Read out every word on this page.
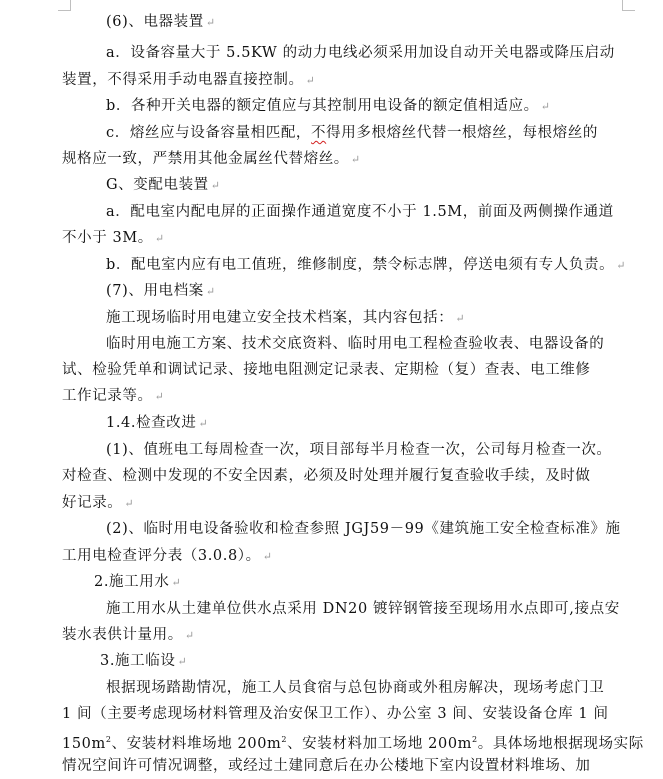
(6)、电器装置 ↵
a．设备容量大于 5.5KW 的动力电线必须采用加设自动开关电器或降压启动
装置，不得采用手动电器直接控制。 ↵
b．各种开关电器的额定值应与其控制用电设备的额定值相适应。 ↵
c．熔丝应与设备容量相匹配，不得用多根熔丝代替一根熔丝，每根熔丝的
规格应一致，严禁用其他金属丝代替熔丝。 ↵
G、变配电装置 ↵
a．配电室内配电屏的正面操作通道宽度不小于 1.5M，前面及两侧操作通道
不小于 3M。 ↵
b．配电室内应有电工值班，维修制度，禁令标志牌，停送电须有专人负责。 ↵
(7)、用电档案 ↵
施工现场临时用电建立安全技术档案，其内容包括： ↵
临时用电施工方案、技术交底资料、临时用电工程检查验收表、电器设备的
试、检验凭单和调试记录、接地电阻测定记录表、定期检（复）查表、电工维修
工作记录等。 ↵
1.4.检查改进 ↵
(1)、值班电工每周检查一次，项目部每半月检查一次，公司每月检查一次。
对检查、检测中发现的不安全因素，必须及时处理并履行复查验收手续，及时做
好记录。 ↵
(2)、临时用电设备验收和检查参照 JGJ59－99《建筑施工安全检查标准》施
工用电检查评分表（3.0.8）。 ↵
2.施工用水 ↵
施工用水从土建单位供水点采用 DN20 镀锌钢管接至现场用水点即可,接点安
装水表供计量用。 ↵
3.施工临设 ↵
根据现场踏勘情况，施工人员食宿与总包协商或外租房解决，现场考虑门卫
1 间（主要考虑现场材料管理及治安保卫工作）、办公室 3 间、安装设备仓库 1 间
$150m^2$、安装材料堆场地 $200m^2$、安装材料加工场地 $200m^2$。具体场地根据现场实际
情况空间许可情况调整，或经过土建同意后在办公楼地下室内设置材料堆场、加
